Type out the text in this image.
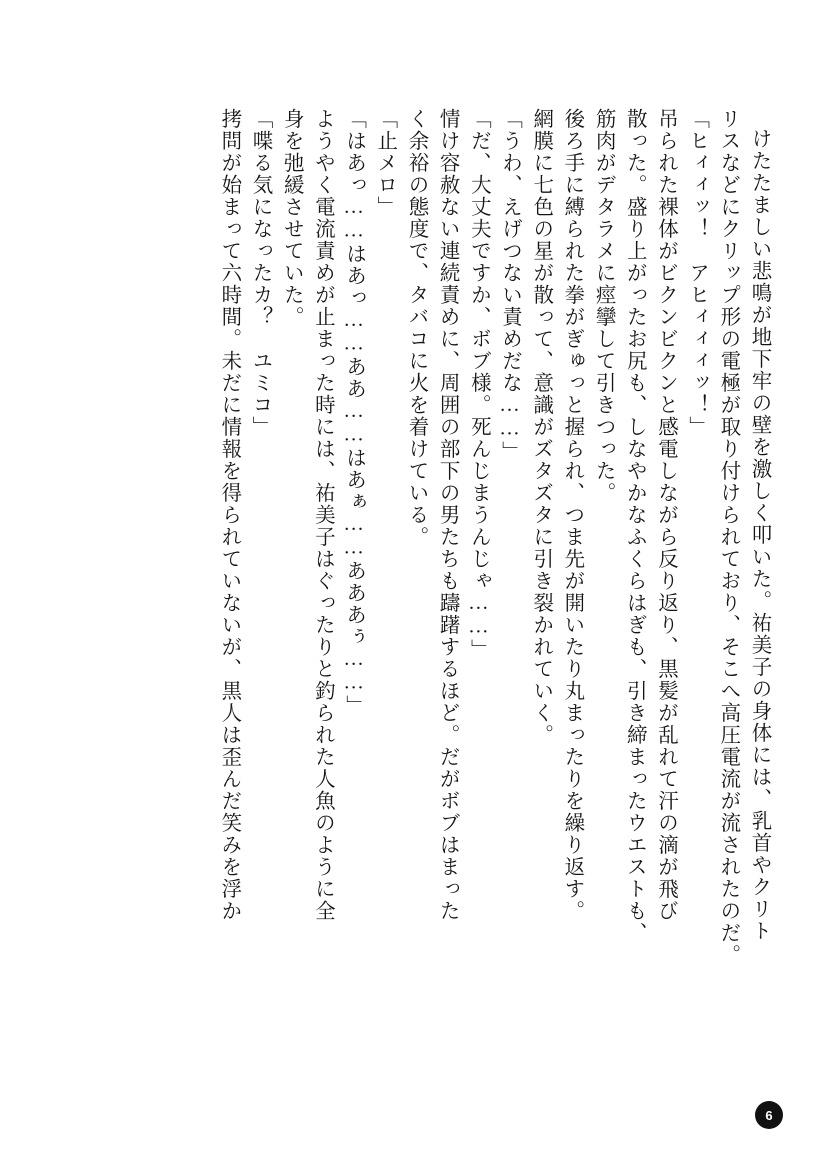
けたたましい悲鳴が地下牢の壁を激しく叩いた。祐美子の身体には、乳首やクリト
リスなどにクリップ形の電極が取り付けられており、そこへ高圧電流が流されたのだ。
「ヒィィッ！　アヒィィィッ！」
吊られた裸体がビクンビクンと感電しながら反り返り、黒髪が乱れて汗の滴が飛び
散った。盛り上がったお尻も、しなやかなふくらはぎも、引き締まったウエストも、
筋肉がデタラメに痙攣して引きつった。
後ろ手に縛られた拳がぎゅっと握られ、つま先が開いたり丸まったりを繰り返す。
網膜に七色の星が散って、意識がズタズタに引き裂かれていく。
「うわ、えげつない責めだな……」
「だ、大丈夫ですか、ボブ様。死んじまうんじゃ……」
情け容赦ない連続責めに、周囲の部下の男たちも躊躇するほど。だがボブはまった
く余裕の態度で、タバコに火を着けている。
「止メロ」
「はあっ……はあっ……ああ……はあぁ……あああぅ……」
ようやく電流責めが止まった時には、祐美子はぐったりと釣られた人魚のように全
身を弛緩させていた。
「喋る気になったカ？　ユミコ」
拷問が始まって六時間。未だに情報を得られていないが、黒人は歪んだ笑みを浮か
6
